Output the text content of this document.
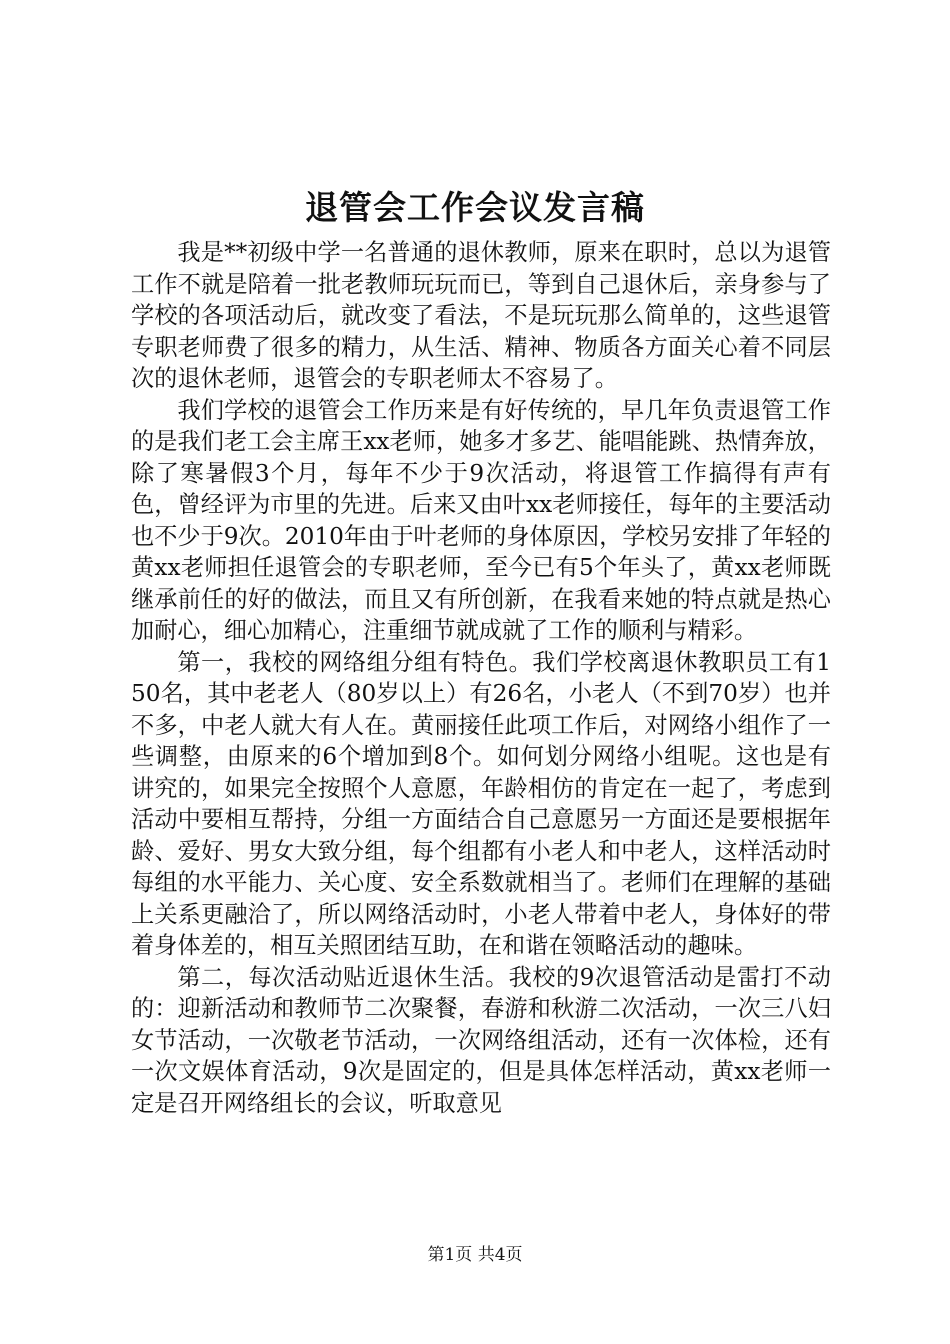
退管会工作会议发言稿

我是**初级中学一名普通的退休教师，原来在职时，总以为退管工作不就是陪着一批老教师玩玩而已，等到自己退休后，亲身参与了学校的各项活动后，就改变了看法，不是玩玩那么简单的，这些退管专职老师费了很多的精力，从生活、精神、物质各方面关心着不同层次的退休老师，退管会的专职老师太不容易了。

我们学校的退管会工作历来是有好传统的，早几年负责退管工作的是我们老工会主席王xx老师，她多才多艺、能唱能跳、热情奔放，除了寒暑假3个月，每年不少于9次活动，将退管工作搞得有声有色，曾经评为市里的先进。后来又由叶xx老师接任，每年的主要活动也不少于9次。2010年由于叶老师的身体原因，学校另安排了年轻的黄xx老师担任退管会的专职老师，至今已有5个年头了，黄xx老师既继承前任的好的做法，而且又有所创新，在我看来她的特点就是热心加耐心，细心加精心，注重细节就成就了工作的顺利与精彩。

第一，我校的网络组分组有特色。我们学校离退休教职员工有150名，其中老老人（80岁以上）有26名，小老人（不到70岁）也并不多，中老人就大有人在。黄丽接任此项工作后，对网络小组作了一些调整，由原来的6个增加到8个。如何划分网络小组呢。这也是有讲究的，如果完全按照个人意愿，年龄相仿的肯定在一起了，考虑到活动中要相互帮持，分组一方面结合自己意愿另一方面还是要根据年龄、爱好、男女大致分组，每个组都有小老人和中老人，这样活动时每组的水平能力、关心度、安全系数就相当了。老师们在理解的基础上关系更融洽了，所以网络活动时，小老人带着中老人，身体好的带着身体差的，相互关照团结互助，在和谐在领略活动的趣味。

第二，每次活动贴近退休生活。我校的9次退管活动是雷打不动的：迎新活动和教师节二次聚餐，春游和秋游二次活动，一次三八妇女节活动，一次敬老节活动，一次网络组活动，还有一次体检，还有一次文娱体育活动，9次是固定的，但是具体怎样活动，黄xx老师一定是召开网络组长的会议，听取意见

第1页 共4页
